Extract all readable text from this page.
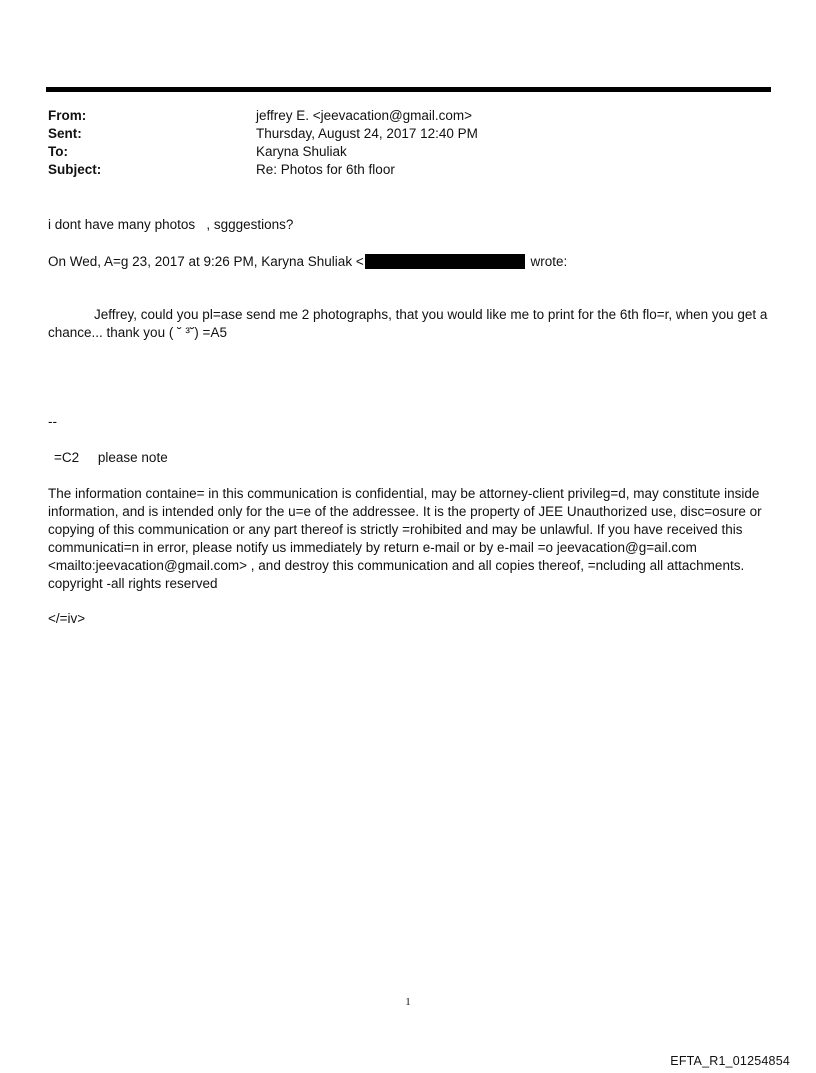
From:	jeffrey E. <jeevacation@gmail.com>
Sent:	Thursday, August 24, 2017 12:40 PM
To:	Karyna Shuliak
Subject:	Re: Photos for 6th floor
i dont have many photos   , sgggestions?
On Wed, A=g 23, 2017 at 9:26 PM, Karyna Shuliak <	wrote:
Jeffrey, could you pl=ase send me 2 photographs, that you would like me to print for the 6th flo=r, when you get a chance... thank you ( ˘ ³˘) =A5
--
=C2     please note
The information containe= in this communication is confidential, may be attorney-client privileg=d, may constitute inside information, and is intended only for the u=e of the addressee. It is the property of JEE Unauthorized use, disc=osure or copying of this communication or any part thereof is strictly =rohibited and may be unlawful. If you have received this communicati=n in error, please notify us immediately by return e-mail or by e-mail =o jeevacation@g=ail.com <mailto:jeevacation@gmail.com> , and destroy this communication and all copies thereof, =ncluding all attachments. copyright -all rights reserved
</=iv>
1
EFTA_R1_01254854
